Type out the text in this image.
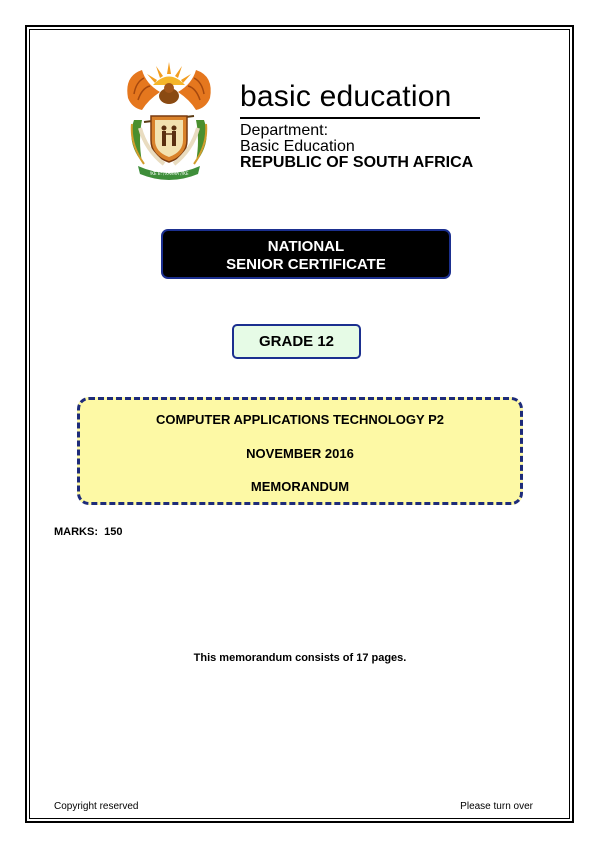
!KE E: /XARRA //KE
basic education
Department:
Basic Education
REPUBLIC OF SOUTH AFRICA
NATIONAL
SENIOR CERTIFICATE
GRADE 12
COMPUTER APPLICATIONS TECHNOLOGY P2
NOVEMBER 2016
MEMORANDUM
MARKS:  150
This memorandum consists of 17 pages.
Copyright reserved	Please turn over
